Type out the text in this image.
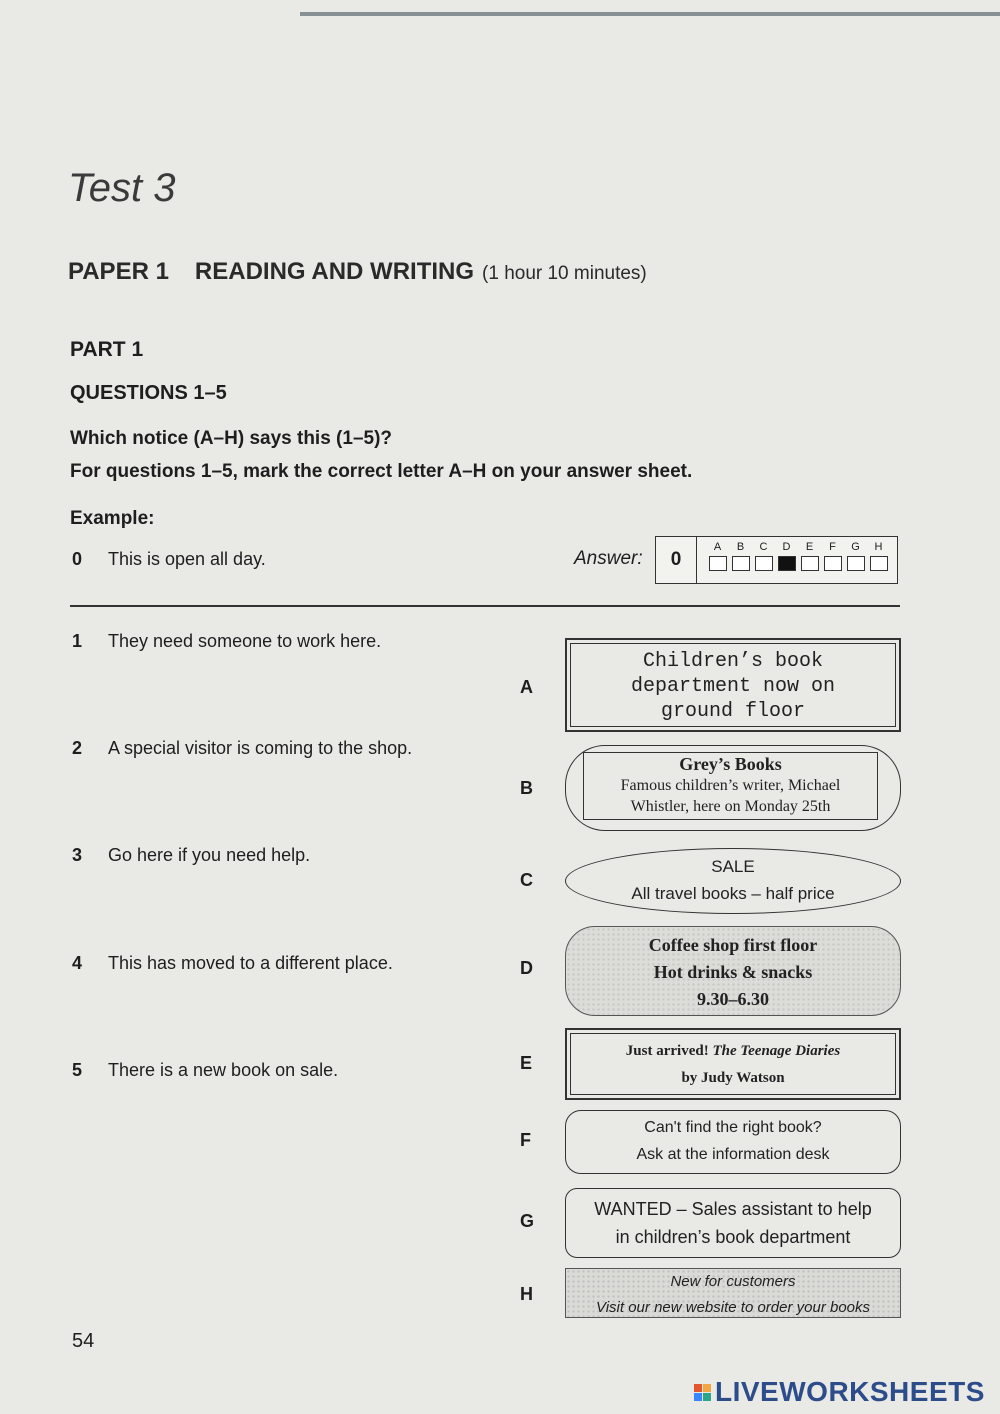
Test 3
PAPER 1 READING AND WRITING (1 hour 10 minutes)
PART 1
QUESTIONS 1–5
Which notice (A–H) says this (1–5)?
For questions 1–5, mark the correct letter A–H on your answer sheet.
Example:
0 This is open all day.	Answer:	0
A	B	C	D	E	F	G	H
1 They need someone to work here.
2 A special visitor is coming to the shop.
3 Go here if you need help.
4 This has moved to a different place.
5 There is a new book on sale.
A
B
C
D
E
F
G
H
Children’s book
department now on
ground floor
Grey’s Books
Famous children’s writer, Michael
Whistler, here on Monday 25th
SALE
All travel books – half price
Coffee shop first floor
Hot drinks & snacks
9.30–6.30
Just arrived! The Teenage Diaries
by Judy Watson
Can't find the right book?
Ask at the information desk
WANTED – Sales assistant to help
in children’s book department
New for customers
Visit our new website to order your books
54
LIVEWORKSHEETS
